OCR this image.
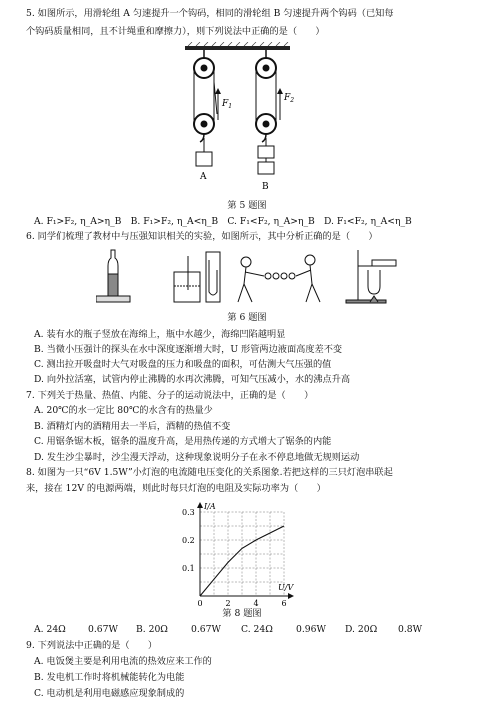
5. 如图所示，用滑轮组 A 匀速提升一个钩码，相同的滑轮组 B 匀速提升两个钩码（已知每
个钩码质量相同，且不计绳重和摩擦力），则下列说法中正确的是（　　）
$F_1$
$F_2$
A
B
第 5 题图
A. F₁>F₂, η_A>η_B　B. F₁>F₂, η_A<η_B　C. F₁<F₂, η_A>η_B　D. F₁<F₂, η_A<η_B
6. 同学们梳理了教材中与压强知识相关的实验，如图所示，其中分析正确的是（　　）
第 6 题图
A. 装有水的瓶子竖放在海绵上，瓶中水越少，海绵凹陷越明显
B. 当微小压强计的探头在水中深度逐渐增大时，U 形管两边液面高度差不变
C. 测出拉开吸盘时大气对吸盘的压力和吸盘的面积，可估测大气压强的值
D. 向外拉活塞，试管内停止沸腾的水再次沸腾，可知气压减小，水的沸点升高
7. 下列关于热量、热值、内能、分子的运动说法中，正确的是（　　）
A. 20℃的水一定比 80℃的水含有的热量少
B. 酒精灯内的酒精用去一半后，酒精的热值不变
C. 用锯条锯木板，锯条的温度升高，是用热传递的方式增大了锯条的内能
D. 发生沙尘暴时，沙尘漫天浮动，这种现象说明分子在永不停息地做无规则运动
8. 如图为一只“6V 1.5W”小灯泡的电流随电压变化的关系图象.若把这样的三只灯泡串联起
来，接在 12V 的电源两端，则此时每只灯泡的电阻及实际功率为（　　）
0	2	4	6
0.1
0.2
0.3
I/A
U/V
第 8 题图
A. 24Ω 0.67W B. 20Ω	0.67W C. 24Ω	0.96W D. 20Ω 0.8W
9. 下列说法中正确的是（　　）
A. 电饭煲主要是利用电流的热效应来工作的
B. 发电机工作时将机械能转化为电能
C. 电动机是利用电磁感应现象制成的
